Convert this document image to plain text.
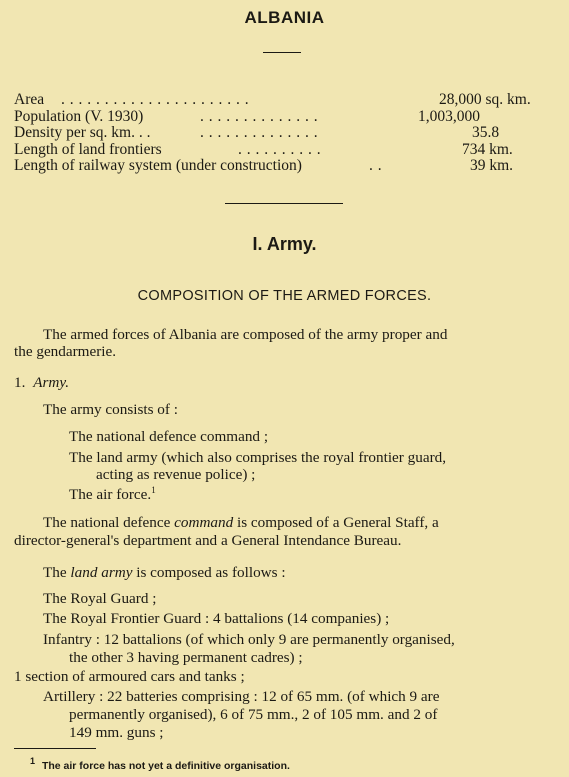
ALBANIA
Area . . . . . . . . . . . . . . . . . . . . . .	28,000 sq. km.
Population (V. 1930)	. . . . . . . . . . . . . .	1,003,000
Density per sq. km. . .	. . . . . . . . . . . . . .	35.8
Length of land frontiers	. . . . . . . . . .	734 km.
Length of railway system (under construction)	. .	39 km.
I. Army.
COMPOSITION OF THE ARMED FORCES.
The armed forces of Albania are composed of the army proper and
the gendarmerie.
1. Army.
The army consists of :
The national defence command ;
The land army (which also comprises the royal frontier guard,
acting as revenue police) ;
The air force.$^1$
The national defence command is composed of a General Staff, a
director-general's department and a General Intendance Bureau.
The land army is composed as follows :
The Royal Guard ;
The Royal Frontier Guard : 4 battalions (14 companies) ;
Infantry : 12 battalions (of which only 9 are permanently organised,
the other 3 having permanent cadres) ;
1 section of armoured cars and tanks ;
Artillery : 22 batteries comprising : 12 of 65 mm. (of which 9 are
permanently organised), 6 of 75 mm., 2 of 105 mm. and 2 of
149 mm. guns ;
$^1$ The air force has not yet a definitive organisation.
